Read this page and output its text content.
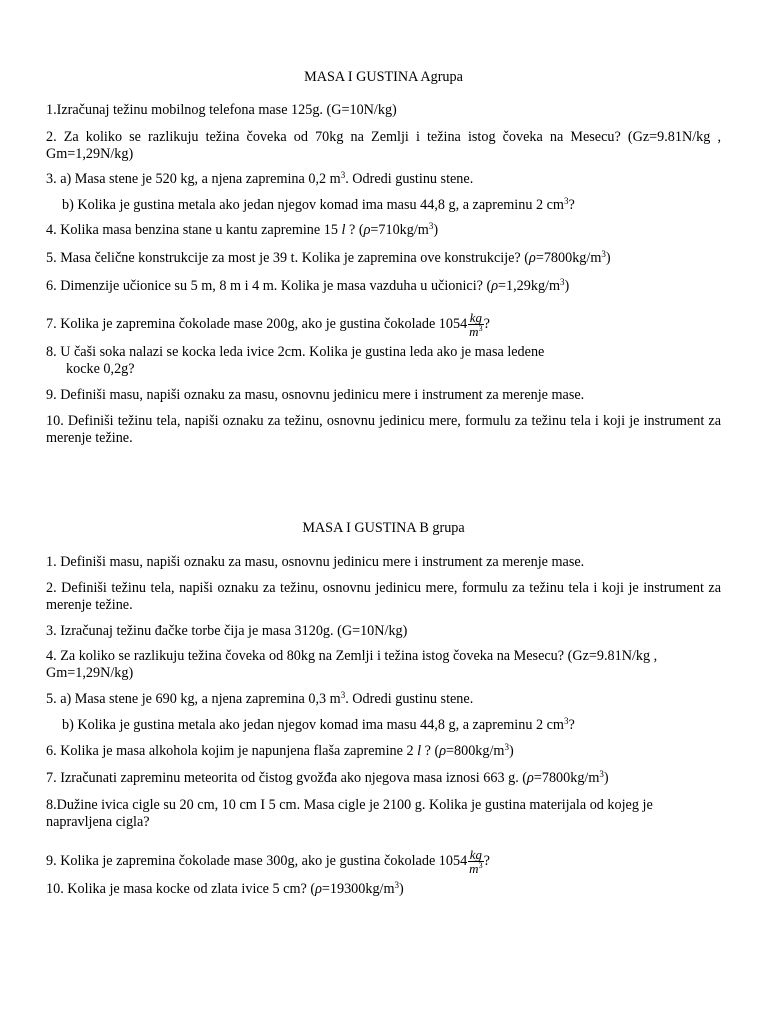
MASA I GUSTINA Agrupa
1.Izračunaj težinu mobilnog telefona mase 125g. (G=10N/kg)
2. Za koliko se razlikuju težina čoveka od 70kg na Zemlji i težina istog čoveka na Mesecu? (Gz=9.81N/kg , Gm=1,29N/kg)
3. a) Masa stene je 520 kg, a njena zapremina 0,2 $m^3$. Odredi gustinu stene.
b) Kolika je gustina metala ako jedan njegov komad ima masu 44,8 g, a zapreminu 2 $cm^3$?
4. Kolika masa benzina stane u kantu zapremine 15 l ? $(\rho=710kg/m^3)$
5. Masa čelične konstrukcije za most je 39 t. Kolika je zapremina ove konstrukcije? $(\rho=7800kg/m^3)$
6. Dimenzije učionice su 5 m, 8 m i 4 m. Kolika je masa vazduha u učionici? $(\rho=1,29kg/m^3)$
7. Kolika je zapremina čokolade mase 200g, ako je gustina čokolade $1054 \frac{kg}{m^3}$ ?
8. U čaši soka nalazi se kocka leda ivice 2cm. Kolika je gustina leda ako je masa ledene
kocke 0,2g?
9. Definiši masu, napiši oznaku za masu, osnovnu jedinicu mere i instrument za merenje mase.
10. Definiši težinu tela, napiši oznaku za težinu, osnovnu jedinicu mere, formulu za težinu tela i koji je instrument za merenje težine.
MASA I GUSTINA B grupa
1. Definiši masu, napiši oznaku za masu, osnovnu jedinicu mere i instrument za merenje mase.
2. Definiši težinu tela, napiši oznaku za težinu, osnovnu jedinicu mere, formulu za težinu tela i koji je instrument za merenje težine.
3. Izračunaj težinu đačke torbe čija je masa 3120g. (G=10N/kg)
4. Za koliko se razlikuju težina čoveka od 80kg na Zemlji i težina istog čoveka na Mesecu? (Gz=9.81N/kg , Gm=1,29N/kg)
5. a) Masa stene je 690 kg, a njena zapremina 0,3 $m^3$. Odredi gustinu stene.
b) Kolika je gustina metala ako jedan njegov komad ima masu 44,8 g, a zapreminu 2 $cm^3$?
6. Kolika je masa alkohola kojim je napunjena flaša zapremine 2 l ? $(\rho=800kg/m^3)$
7. Izračunati zapreminu meteorita od čistog gvožđa ako njegova masa iznosi 663 g. $(\rho=7800kg/m^3)$
8.Dužine ivica cigle su 20 cm, 10 cm I 5 cm. Masa cigle je 2100 g. Kolika je gustina materijala od kojeg je napravljena cigla?
9. Kolika je zapremina čokolade mase 300g, ako je gustina čokolade $1054 \frac{kg}{m^3}$ ?
10. Kolika je masa kocke od zlata ivice 5 cm? $(\rho=19300kg/m^3)$
